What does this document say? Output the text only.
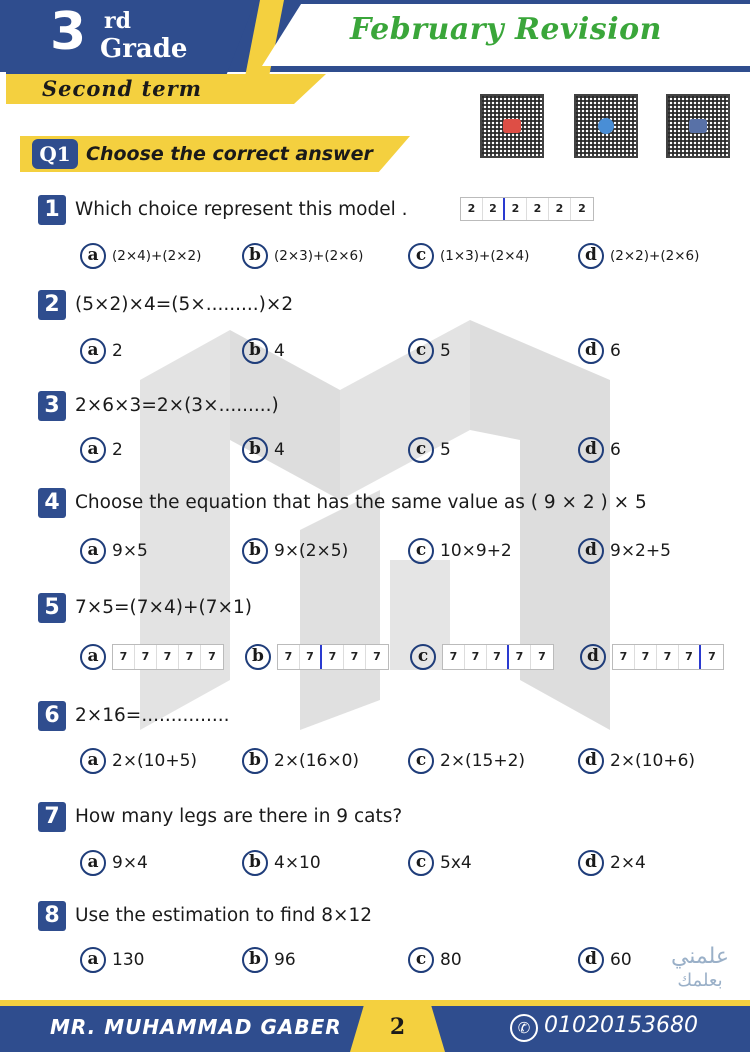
3 rd
Grade
February Revision
Second term
Q1 Choose the correct answer
1 Which choice represent this model .	2	2	2	2	2	2
a	(2×4)+(2×2)	b (2×3)+(2×6)	c	(1×3)+(2×4)	d (2×2)+(2×6)
2 (5×2)×4=(5×.........)×2
a 2	b 4	c 5	d 6
3 2×6×3=2×(3×.........)
a 2	b 4	c 5	d 6
4 Choose the equation that has the same value as ( 9 × 2 ) × 5
a 9×5	b 9×(2×5)	c 10×9+2	d 9×2+5
5 7×5=(7×4)+(7×1)
a	7	7	7	7	7	b	7	7	7	7	7	c	7	7	7	7	7	d	7	7	7	7	7
6 2×16=...............
a 2×(10+5)	b 2×(16×0)	c 2×(15+2)	d 2×(10+6)
7 How many legs are there in 9 cats?
a 9×4	b 4×10	c 5x4	d 2×4
8 Use the estimation to find 8×12
a 130	b 96	c 80	d 60	علمني
بعلمك
MR. MUHAMMAD GABER 2	✆ 01020153680
